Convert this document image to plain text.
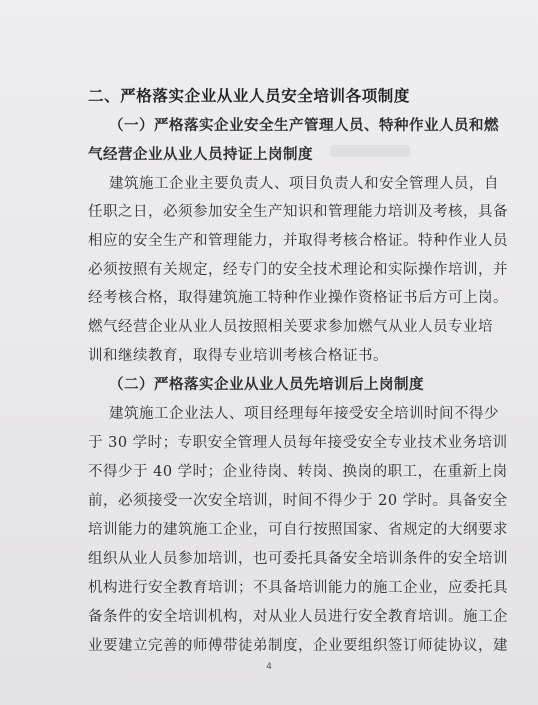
二、严格落实企业从业人员安全培训各项制度
（一）严格落实企业安全生产管理人员、特种作业人员和燃
气经营企业从业人员持证上岗制度
建筑施工企业主要负责人、项目负责人和安全管理人员，自
任职之日，必须参加安全生产知识和管理能力培训及考核，具备
相应的安全生产和管理能力，并取得考核合格证。特种作业人员
必须按照有关规定，经专门的安全技术理论和实际操作培训，并
经考核合格，取得建筑施工特种作业操作资格证书后方可上岗。
燃气经营企业从业人员按照相关要求参加燃气从业人员专业培
训和继续教育，取得专业培训考核合格证书。
（二）严格落实企业从业人员先培训后上岗制度
建筑施工企业法人、项目经理每年接受安全培训时间不得少
于 30 学时；专职安全管理人员每年接受安全专业技术业务培训
不得少于 40 学时；企业待岗、转岗、换岗的职工，在重新上岗
前，必须接受一次安全培训，时间不得少于 20 学时。具备安全
培训能力的建筑施工企业，可自行按照国家、省规定的大纲要求
组织从业人员参加培训，也可委托具备安全培训条件的安全培训
机构进行安全教育培训；不具备培训能力的施工企业，应委托具
备条件的安全培训机构，对从业人员进行安全教育培训。施工企
业要建立完善的师傅带徒弟制度，企业要组织签订师徒协议，建
4
